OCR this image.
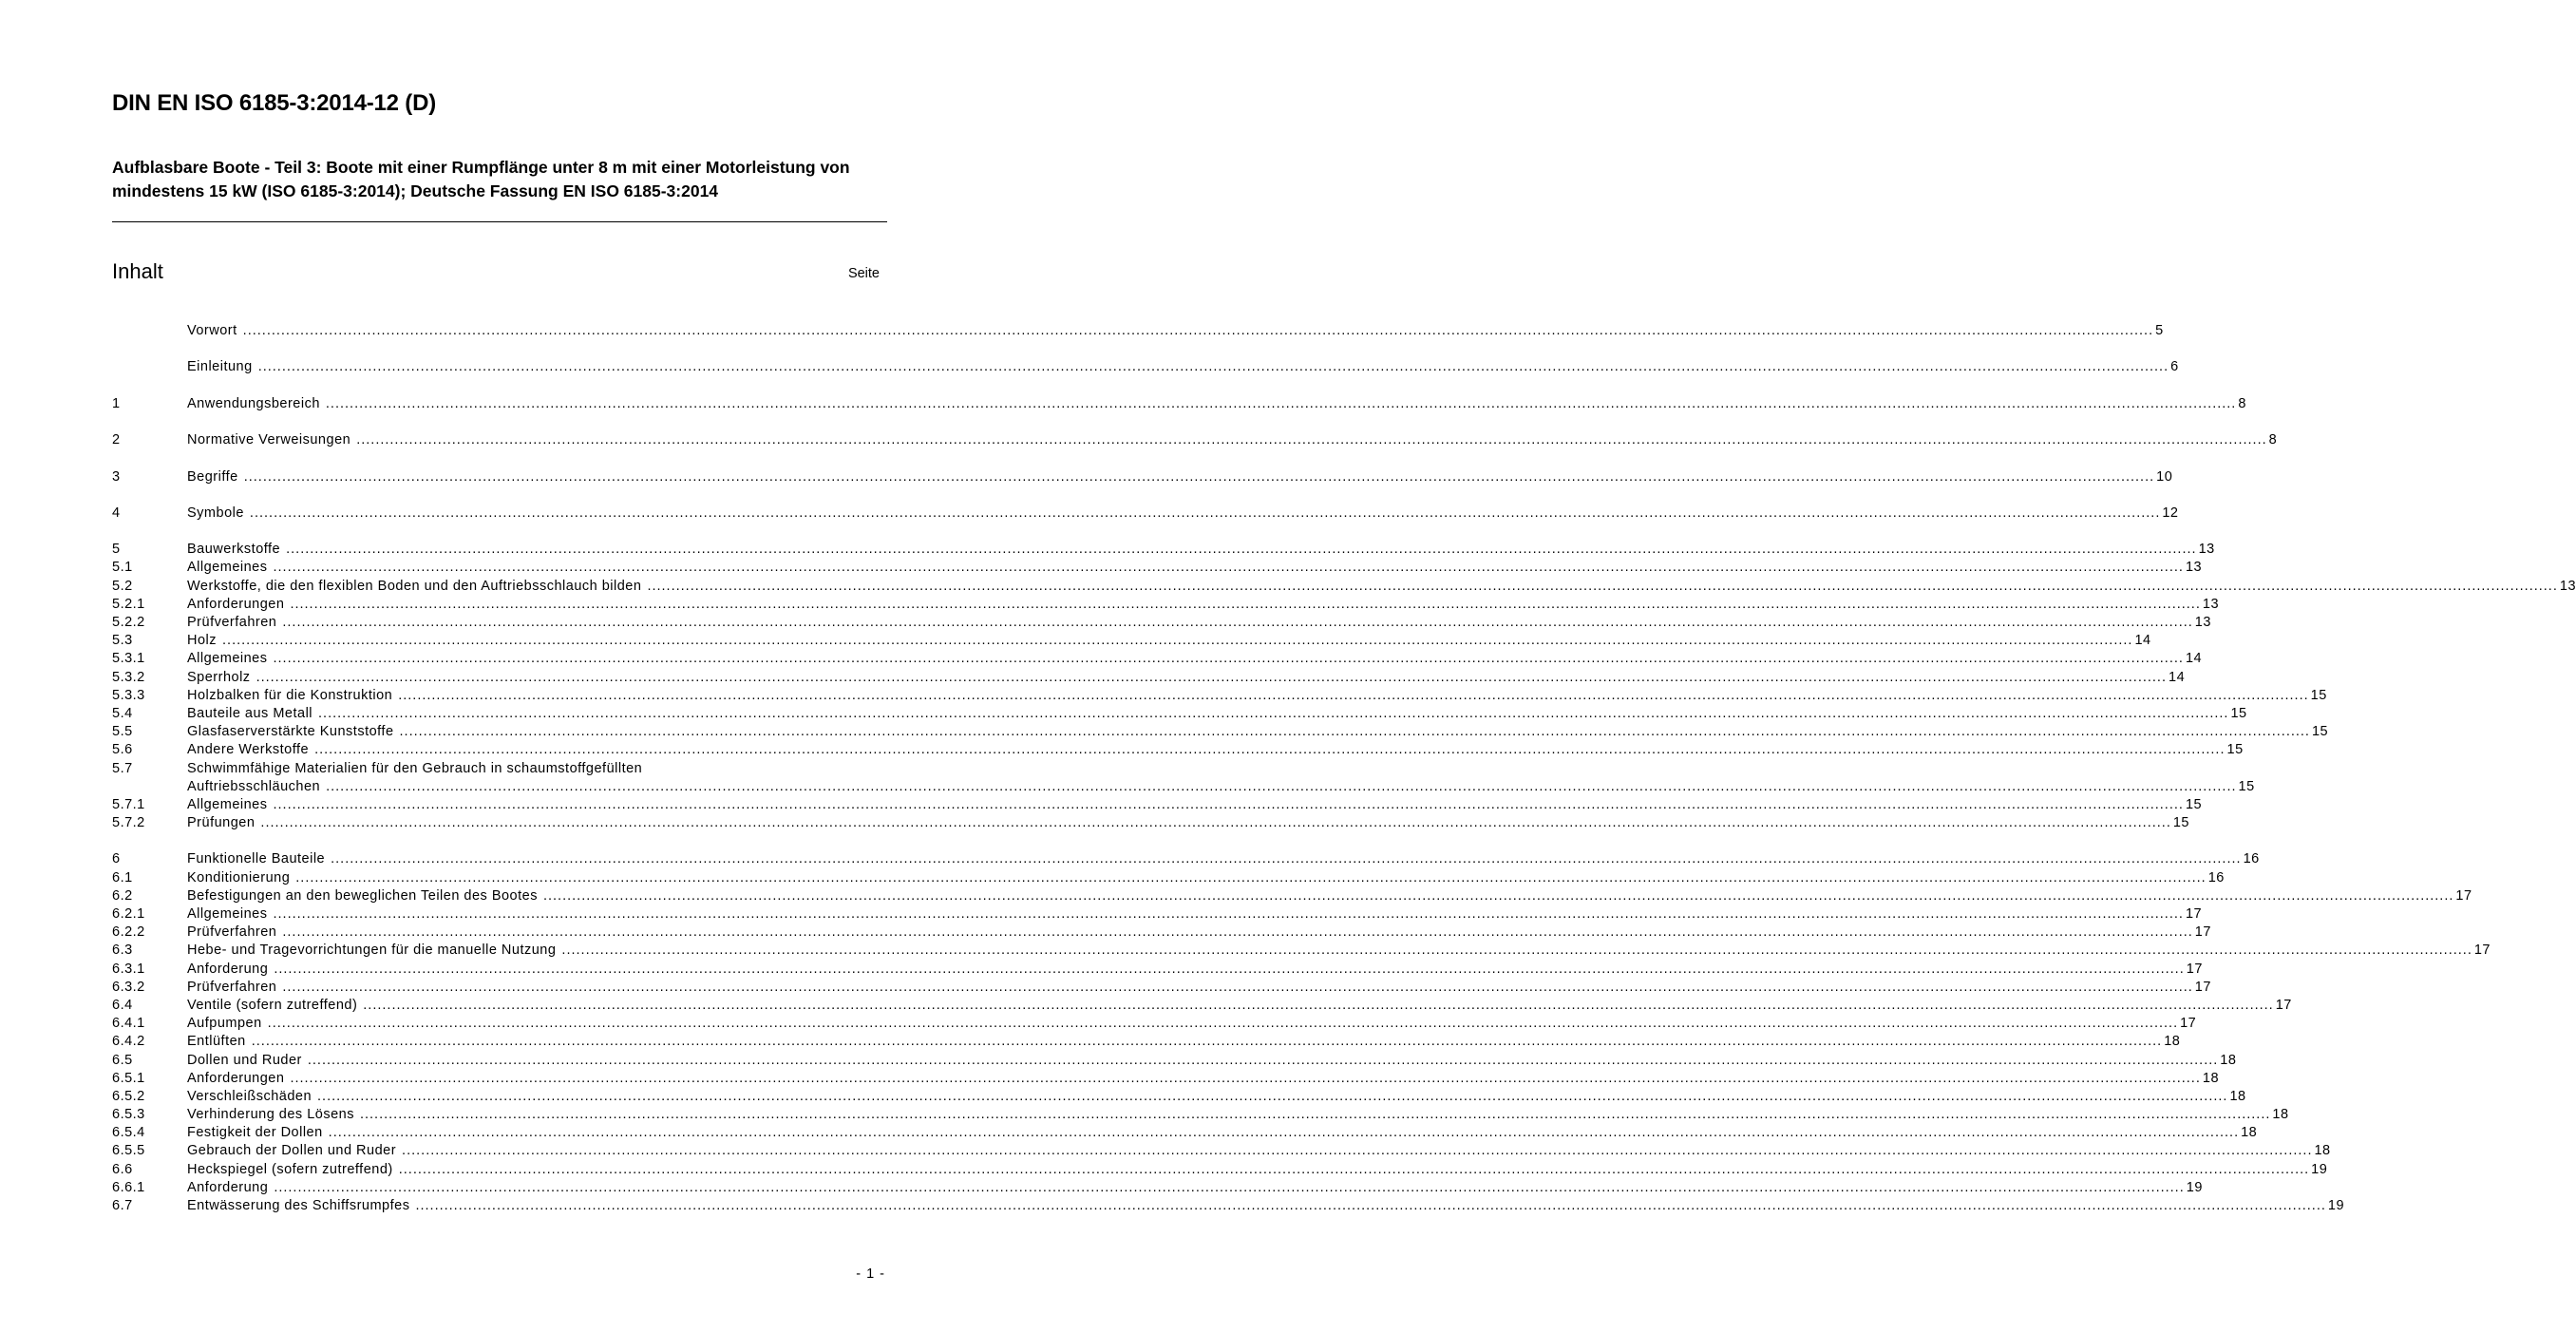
DIN EN ISO 6185-3:2014-12 (D)
Aufblasbare Boote - Teil 3: Boote mit einer Rumpflänge unter 8 m mit einer Motorleistung von mindestens 15 kW (ISO 6185-3:2014); Deutsche Fassung EN ISO 6185-3:2014
Inhalt	Seite
Vorwort ................................................................................................................................................................................................................................................................................................................................................................................................................ 5
Einleitung ................................................................................................................................................................................................................................................................................................................................................................................................................ 6
1	Anwendungsbereich ................................................................................................................................................................................................................................................................................................................................................................................................................ 8
2	Normative Verweisungen ................................................................................................................................................................................................................................................................................................................................................................................................................ 8
3	Begriffe ................................................................................................................................................................................................................................................................................................................................................................................................................ 10
4	Symbole ................................................................................................................................................................................................................................................................................................................................................................................................................ 12
5	Bauwerkstoffe ................................................................................................................................................................................................................................................................................................................................................................................................................ 13
5.1	Allgemeines ................................................................................................................................................................................................................................................................................................................................................................................................................ 13
5.2	Werkstoffe, die den flexiblen Boden und den Auftriebsschlauch bilden ................................................................................................................................................................................................................................................................................................................................................................................................................ 13
5.2.1	Anforderungen ................................................................................................................................................................................................................................................................................................................................................................................................................ 13
5.2.2	Prüfverfahren ................................................................................................................................................................................................................................................................................................................................................................................................................ 13
5.3	Holz ................................................................................................................................................................................................................................................................................................................................................................................................................ 14
5.3.1	Allgemeines ................................................................................................................................................................................................................................................................................................................................................................................................................ 14
5.3.2	Sperrholz ................................................................................................................................................................................................................................................................................................................................................................................................................ 14
5.3.3	Holzbalken für die Konstruktion ................................................................................................................................................................................................................................................................................................................................................................................................................ 15
5.4	Bauteile aus Metall ................................................................................................................................................................................................................................................................................................................................................................................................................ 15
5.5	Glasfaserverstärkte Kunststoffe ................................................................................................................................................................................................................................................................................................................................................................................................................ 15
5.6	Andere Werkstoffe ................................................................................................................................................................................................................................................................................................................................................................................................................ 15
5.7	Schwimmfähige Materialien für den Gebrauch in schaumstoffgefüllten
Auftriebsschläuchen ................................................................................................................................................................................................................................................................................................................................................................................................................ 15
5.7.1	Allgemeines ................................................................................................................................................................................................................................................................................................................................................................................................................ 15
5.7.2	Prüfungen ................................................................................................................................................................................................................................................................................................................................................................................................................ 15
6	Funktionelle Bauteile ................................................................................................................................................................................................................................................................................................................................................................................................................ 16
6.1	Konditionierung ................................................................................................................................................................................................................................................................................................................................................................................................................ 16
6.2	Befestigungen an den beweglichen Teilen des Bootes ................................................................................................................................................................................................................................................................................................................................................................................................................ 17
6.2.1	Allgemeines ................................................................................................................................................................................................................................................................................................................................................................................................................ 17
6.2.2	Prüfverfahren ................................................................................................................................................................................................................................................................................................................................................................................................................ 17
6.3	Hebe- und Tragevorrichtungen für die manuelle Nutzung ................................................................................................................................................................................................................................................................................................................................................................................................................ 17
6.3.1	Anforderung ................................................................................................................................................................................................................................................................................................................................................................................................................ 17
6.3.2	Prüfverfahren ................................................................................................................................................................................................................................................................................................................................................................................................................ 17
6.4	Ventile (sofern zutreffend) ................................................................................................................................................................................................................................................................................................................................................................................................................ 17
6.4.1	Aufpumpen ................................................................................................................................................................................................................................................................................................................................................................................................................ 17
6.4.2	Entlüften ................................................................................................................................................................................................................................................................................................................................................................................................................ 18
6.5	Dollen und Ruder ................................................................................................................................................................................................................................................................................................................................................................................................................ 18
6.5.1	Anforderungen ................................................................................................................................................................................................................................................................................................................................................................................................................ 18
6.5.2	Verschleißschäden ................................................................................................................................................................................................................................................................................................................................................................................................................ 18
6.5.3	Verhinderung des Lösens ................................................................................................................................................................................................................................................................................................................................................................................................................ 18
6.5.4	Festigkeit der Dollen ................................................................................................................................................................................................................................................................................................................................................................................................................ 18
6.5.5	Gebrauch der Dollen und Ruder ................................................................................................................................................................................................................................................................................................................................................................................................................ 18
6.6	Heckspiegel (sofern zutreffend) ................................................................................................................................................................................................................................................................................................................................................................................................................ 19
6.6.1	Anforderung ................................................................................................................................................................................................................................................................................................................................................................................................................ 19
6.7	Entwässerung des Schiffsrumpfes ................................................................................................................................................................................................................................................................................................................................................................................................................ 19
- 1 -
